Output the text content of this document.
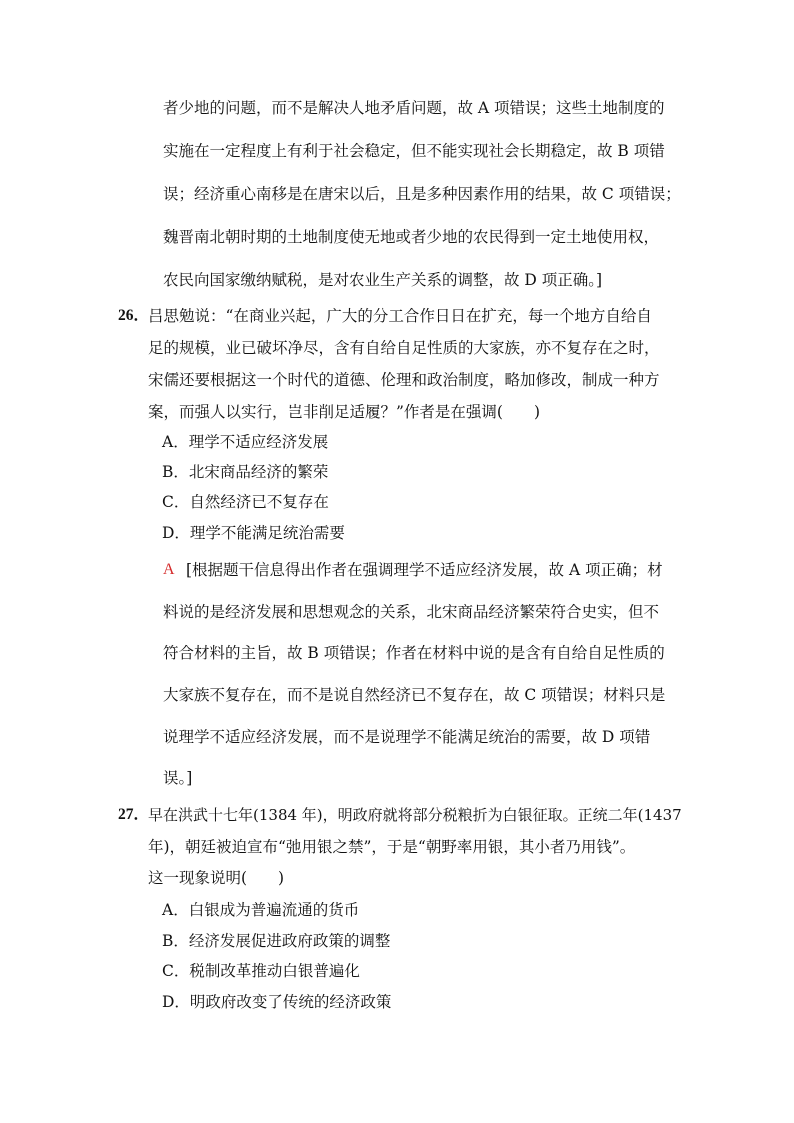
者少地的问题，而不是解决人地矛盾问题，故 A 项错误；这些土地制度的
实施在一定程度上有利于社会稳定，但不能实现社会长期稳定，故 B 项错
误；经济重心南移是在唐宋以后，且是多种因素作用的结果，故 C 项错误；
魏晋南北朝时期的土地制度使无地或者少地的农民得到一定土地使用权，
农民向国家缴纳赋税，是对农业生产关系的调整，故 D 项正确。]
26．
吕思勉说：“在商业兴起，广大的分工合作日日在扩充，每一个地方自给自
足的规模，业已破坏净尽，含有自给自足性质的大家族，亦不复存在之时，
宋儒还要根据这一个时代的道德、伦理和政治制度，略加修改，制成一种方
案，而强人以实行，岂非削足适履？”作者是在强调(　　)
A．理学不适应经济发展
B．北宋商品经济的繁荣
C．自然经济已不复存在
D．理学不能满足统治需要
A [根据题干信息得出作者在强调理学不适应经济发展，故 A 项正确；材
料说的是经济发展和思想观念的关系，北宋商品经济繁荣符合史实，但不
符合材料的主旨，故 B 项错误；作者在材料中说的是含有自给自足性质的
大家族不复存在，而不是说自然经济已不复存在，故 C 项错误；材料只是
说理学不适应经济发展，而不是说理学不能满足统治的需要，故 D 项错
误。]
27．
早在洪武十七年(1384 年)，明政府就将部分税粮折为白银征取。正统二年(1437
年)，朝廷被迫宣布“弛用银之禁”，于是“朝野率用银，其小者乃用钱”。
这一现象说明(　　)
A．白银成为普遍流通的货币
B．经济发展促进政府政策的调整
C．税制改革推动白银普遍化
D．明政府改变了传统的经济政策
